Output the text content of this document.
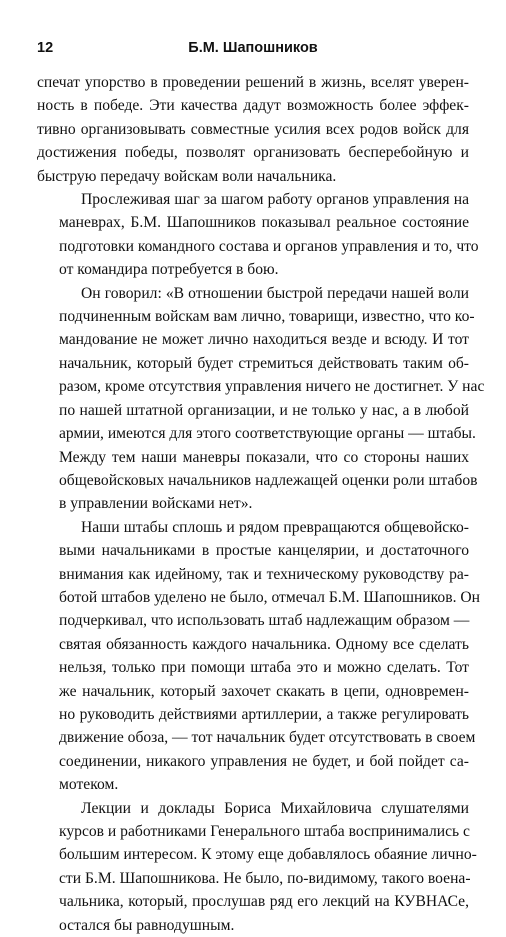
12	Б.М. Шапошников
спечат упорство в проведении решений в жизнь, вселят уверен-
ность в победе. Эти качества дадут возможность более эффек-
тивно организовывать совместные усилия всех родов войск для
достижения победы, позволят организовать бесперебойную и
быструю передачу войскам воли начальника.
Прослеживая шаг за шагом работу органов управления на
маневрах, Б.М. Шапошников показывал реальное состояние
подготовки командного состава и органов управления и то, что
от командира потребуется в бою.
Он говорил: «В отношении быстрой передачи нашей воли
подчиненным войскам вам лично, товарищи, известно, что ко-
мандование не может лично находиться везде и всюду. И тот
начальник, который будет стремиться действовать таким об-
разом, кроме отсутствия управления ничего не достигнет. У нас
по нашей штатной организации, и не только у нас, а в любой
армии, имеются для этого соответствующие органы — штабы.
Между тем наши маневры показали, что со стороны наших
общевойсковых начальников надлежащей оценки роли штабов
в управлении войсками нет».
Наши штабы сплошь и рядом превращаются общевойско-
выми начальниками в простые канцелярии, и достаточного
внимания как идейному, так и техническому руководству ра-
ботой штабов уделено не было, отмечал Б.М. Шапошников. Он
подчеркивал, что использовать штаб надлежащим образом —
святая обязанность каждого начальника. Одному все сделать
нельзя, только при помощи штаба это и можно сделать. Тот
же начальник, который захочет скакать в цепи, одновремен-
но руководить действиями артиллерии, а также регулировать
движение обоза, — тот начальник будет отсутствовать в своем
соединении, никакого управления не будет, и бой пойдет са-
мотеком.
Лекции и доклады Бориса Михайловича слушателями
курсов и работниками Генерального штаба воспринимались с
большим интересом. К этому еще добавлялось обаяние лично-
сти Б.М. Шапошникова. Не было, по-видимому, такого воена-
чальника, который, прослушав ряд его лекций на КУВНАСе,
остался бы равнодушным.
